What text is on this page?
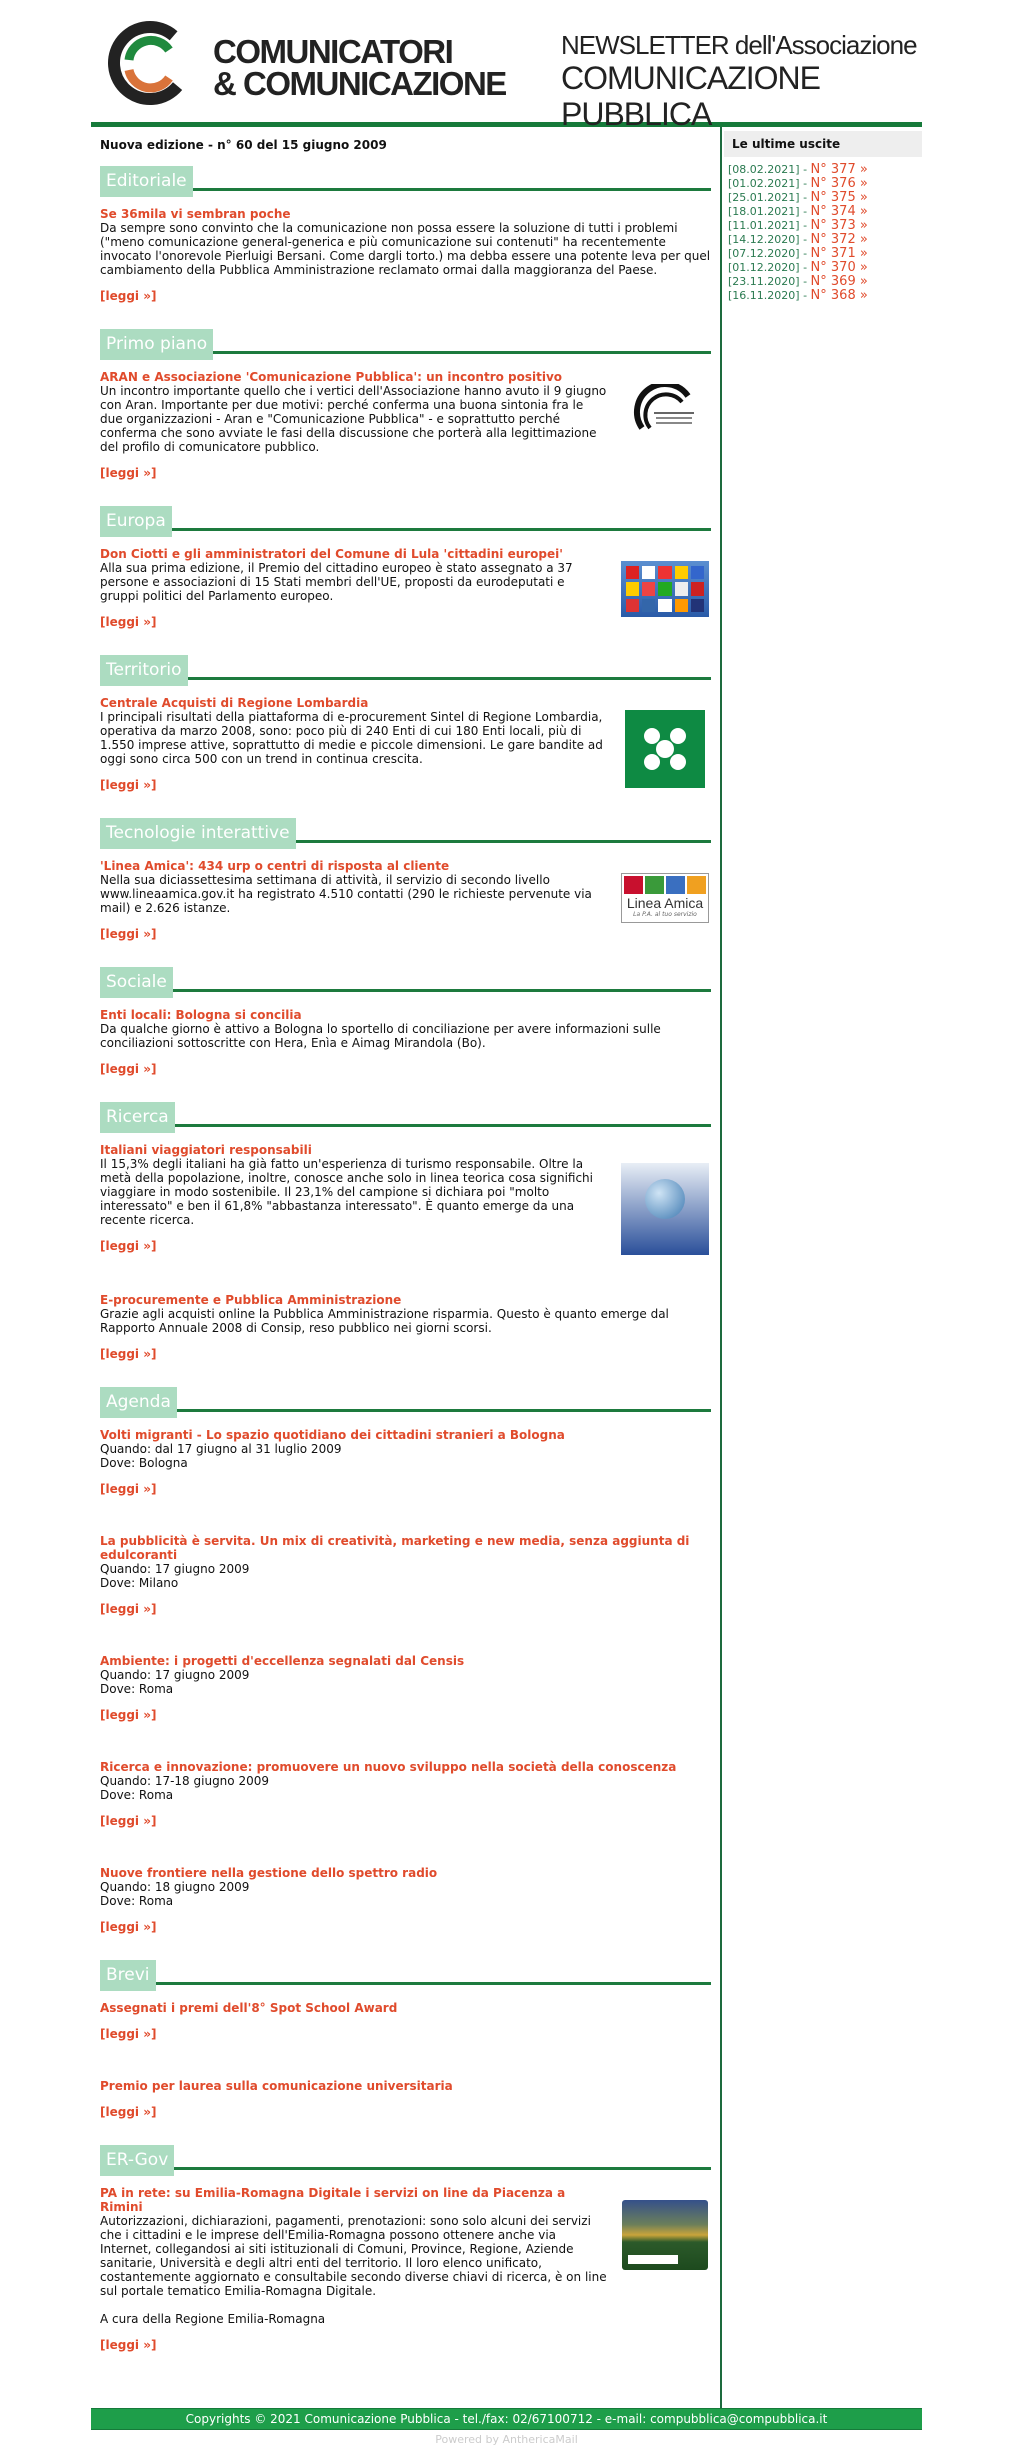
COMUNICATORI
& COMUNICAZIONE
NEWSLETTER dell'Associazione
COMUNICAZIONE PUBBLICA
Nuova edizione - n° 60 del 15 giugno 2009
Editoriale
Se 36mila vi sembran poche
Da sempre sono convinto che la comunicazione non possa essere la soluzione di tutti i problemi ("meno comunicazione general-generica e più comunicazione sui contenuti" ha recentemente invocato l'onorevole Pierluigi Bersani. Come dargli torto.) ma debba essere una potente leva per quel cambiamento della Pubblica Amministrazione reclamato ormai dalla maggioranza del Paese.
[leggi »]
Primo piano
ARAN e Associazione 'Comunicazione Pubblica': un incontro positivo
Un incontro importante quello che i vertici dell'Associazione hanno avuto il 9 giugno con Aran. Importante per due motivi: perché conferma una buona sintonia fra le due organizzazioni - Aran e "Comunicazione Pubblica" - e soprattutto perché conferma che sono avviate le fasi della discussione che porterà alla legittimazione del profilo di comunicatore pubblico.
[leggi »]
Europa
Don Ciotti e gli amministratori del Comune di Lula 'cittadini europei'
Alla sua prima edizione, il Premio del cittadino europeo è stato assegnato a 37 persone e associazioni di 15 Stati membri dell'UE, proposti da eurodeputati e gruppi politici del Parlamento europeo.
[leggi »]
Territorio
Centrale Acquisti di Regione Lombardia
I principali risultati della piattaforma di e-procurement Sintel di Regione Lombardia, operativa da marzo 2008, sono: poco più di 240 Enti di cui 180 Enti locali, più di 1.550 imprese attive, soprattutto di medie e piccole dimensioni. Le gare bandite ad oggi sono circa 500 con un trend in continua crescita.
[leggi »]
Tecnologie interattive
'Linea Amica': 434 urp o centri di risposta al cliente
Nella sua diciassettesima settimana di attività, il servizio di secondo livello www.lineaamica.gov.it ha registrato 4.510 contatti (290 le richieste pervenute via mail) e 2.626 istanze.
[leggi »]
Linea Amica
La P.A. al tuo servizio
Sociale
Enti locali: Bologna si concilia
Da qualche giorno è attivo a Bologna lo sportello di conciliazione per avere informazioni sulle conciliazioni sottoscritte con Hera, Enìa e Aimag Mirandola (Bo).
[leggi »]
Ricerca
Italiani viaggiatori responsabili
Il 15,3% degli italiani ha già fatto un'esperienza di turismo responsabile. Oltre la metà della popolazione, inoltre, conosce anche solo in linea teorica cosa significhi viaggiare in modo sostenibile. Il 23,1% del campione si dichiara poi "molto interessato" e ben il 61,8% "abbastanza interessato". È quanto emerge da una recente ricerca.
[leggi »]
E-procuremente e Pubblica Amministrazione
Grazie agli acquisti online la Pubblica Amministrazione risparmia. Questo è quanto emerge dal Rapporto Annuale 2008 di Consip, reso pubblico nei giorni scorsi.
[leggi »]
Agenda
Volti migranti - Lo spazio quotidiano dei cittadini stranieri a Bologna
Quando: dal 17 giugno al 31 luglio 2009
Dove: Bologna
[leggi »]
La pubblicità è servita. Un mix di creatività, marketing e new media, senza aggiunta di edulcoranti
Quando: 17 giugno 2009
Dove: Milano
[leggi »]
Ambiente: i progetti d'eccellenza segnalati dal Censis
Quando: 17 giugno 2009
Dove: Roma
[leggi »]
Ricerca e innovazione: promuovere un nuovo sviluppo nella società della conoscenza
Quando: 17-18 giugno 2009
Dove: Roma
[leggi »]
Nuove frontiere nella gestione dello spettro radio
Quando: 18 giugno 2009
Dove: Roma
[leggi »]
Brevi
Assegnati i premi dell'8° Spot School Award
[leggi »]
Premio per laurea sulla comunicazione universitaria
[leggi »]
ER-Gov
PA in rete: su Emilia-Romagna Digitale i servizi on line da Piacenza a Rimini
Autorizzazioni, dichiarazioni, pagamenti, prenotazioni: sono solo alcuni dei servizi che i cittadini e le imprese dell'Emilia-Romagna possono ottenere anche via Internet, collegandosi ai siti istituzionali di Comuni, Province, Regione, Aziende sanitarie, Università e degli altri enti del territorio. Il loro elenco unificato, costantemente aggiornato e consultabile secondo diverse chiavi di ricerca, è on line sul portale tematico Emilia-Romagna Digitale.

A cura della Regione Emilia-Romagna
[leggi »]
Le ultime uscite
[08.02.2021] - N° 377 »
[01.02.2021] - N° 376 »
[25.01.2021] - N° 375 »
[18.01.2021] - N° 374 »
[11.01.2021] - N° 373 »
[14.12.2020] - N° 372 »
[07.12.2020] - N° 371 »
[01.12.2020] - N° 370 »
[23.11.2020] - N° 369 »
[16.11.2020] - N° 368 »
Copyrights © 2021 Comunicazione Pubblica - tel./fax: 02/67100712 - e-mail: compubblica@compubblica.it
Powered by AnthericaMail
